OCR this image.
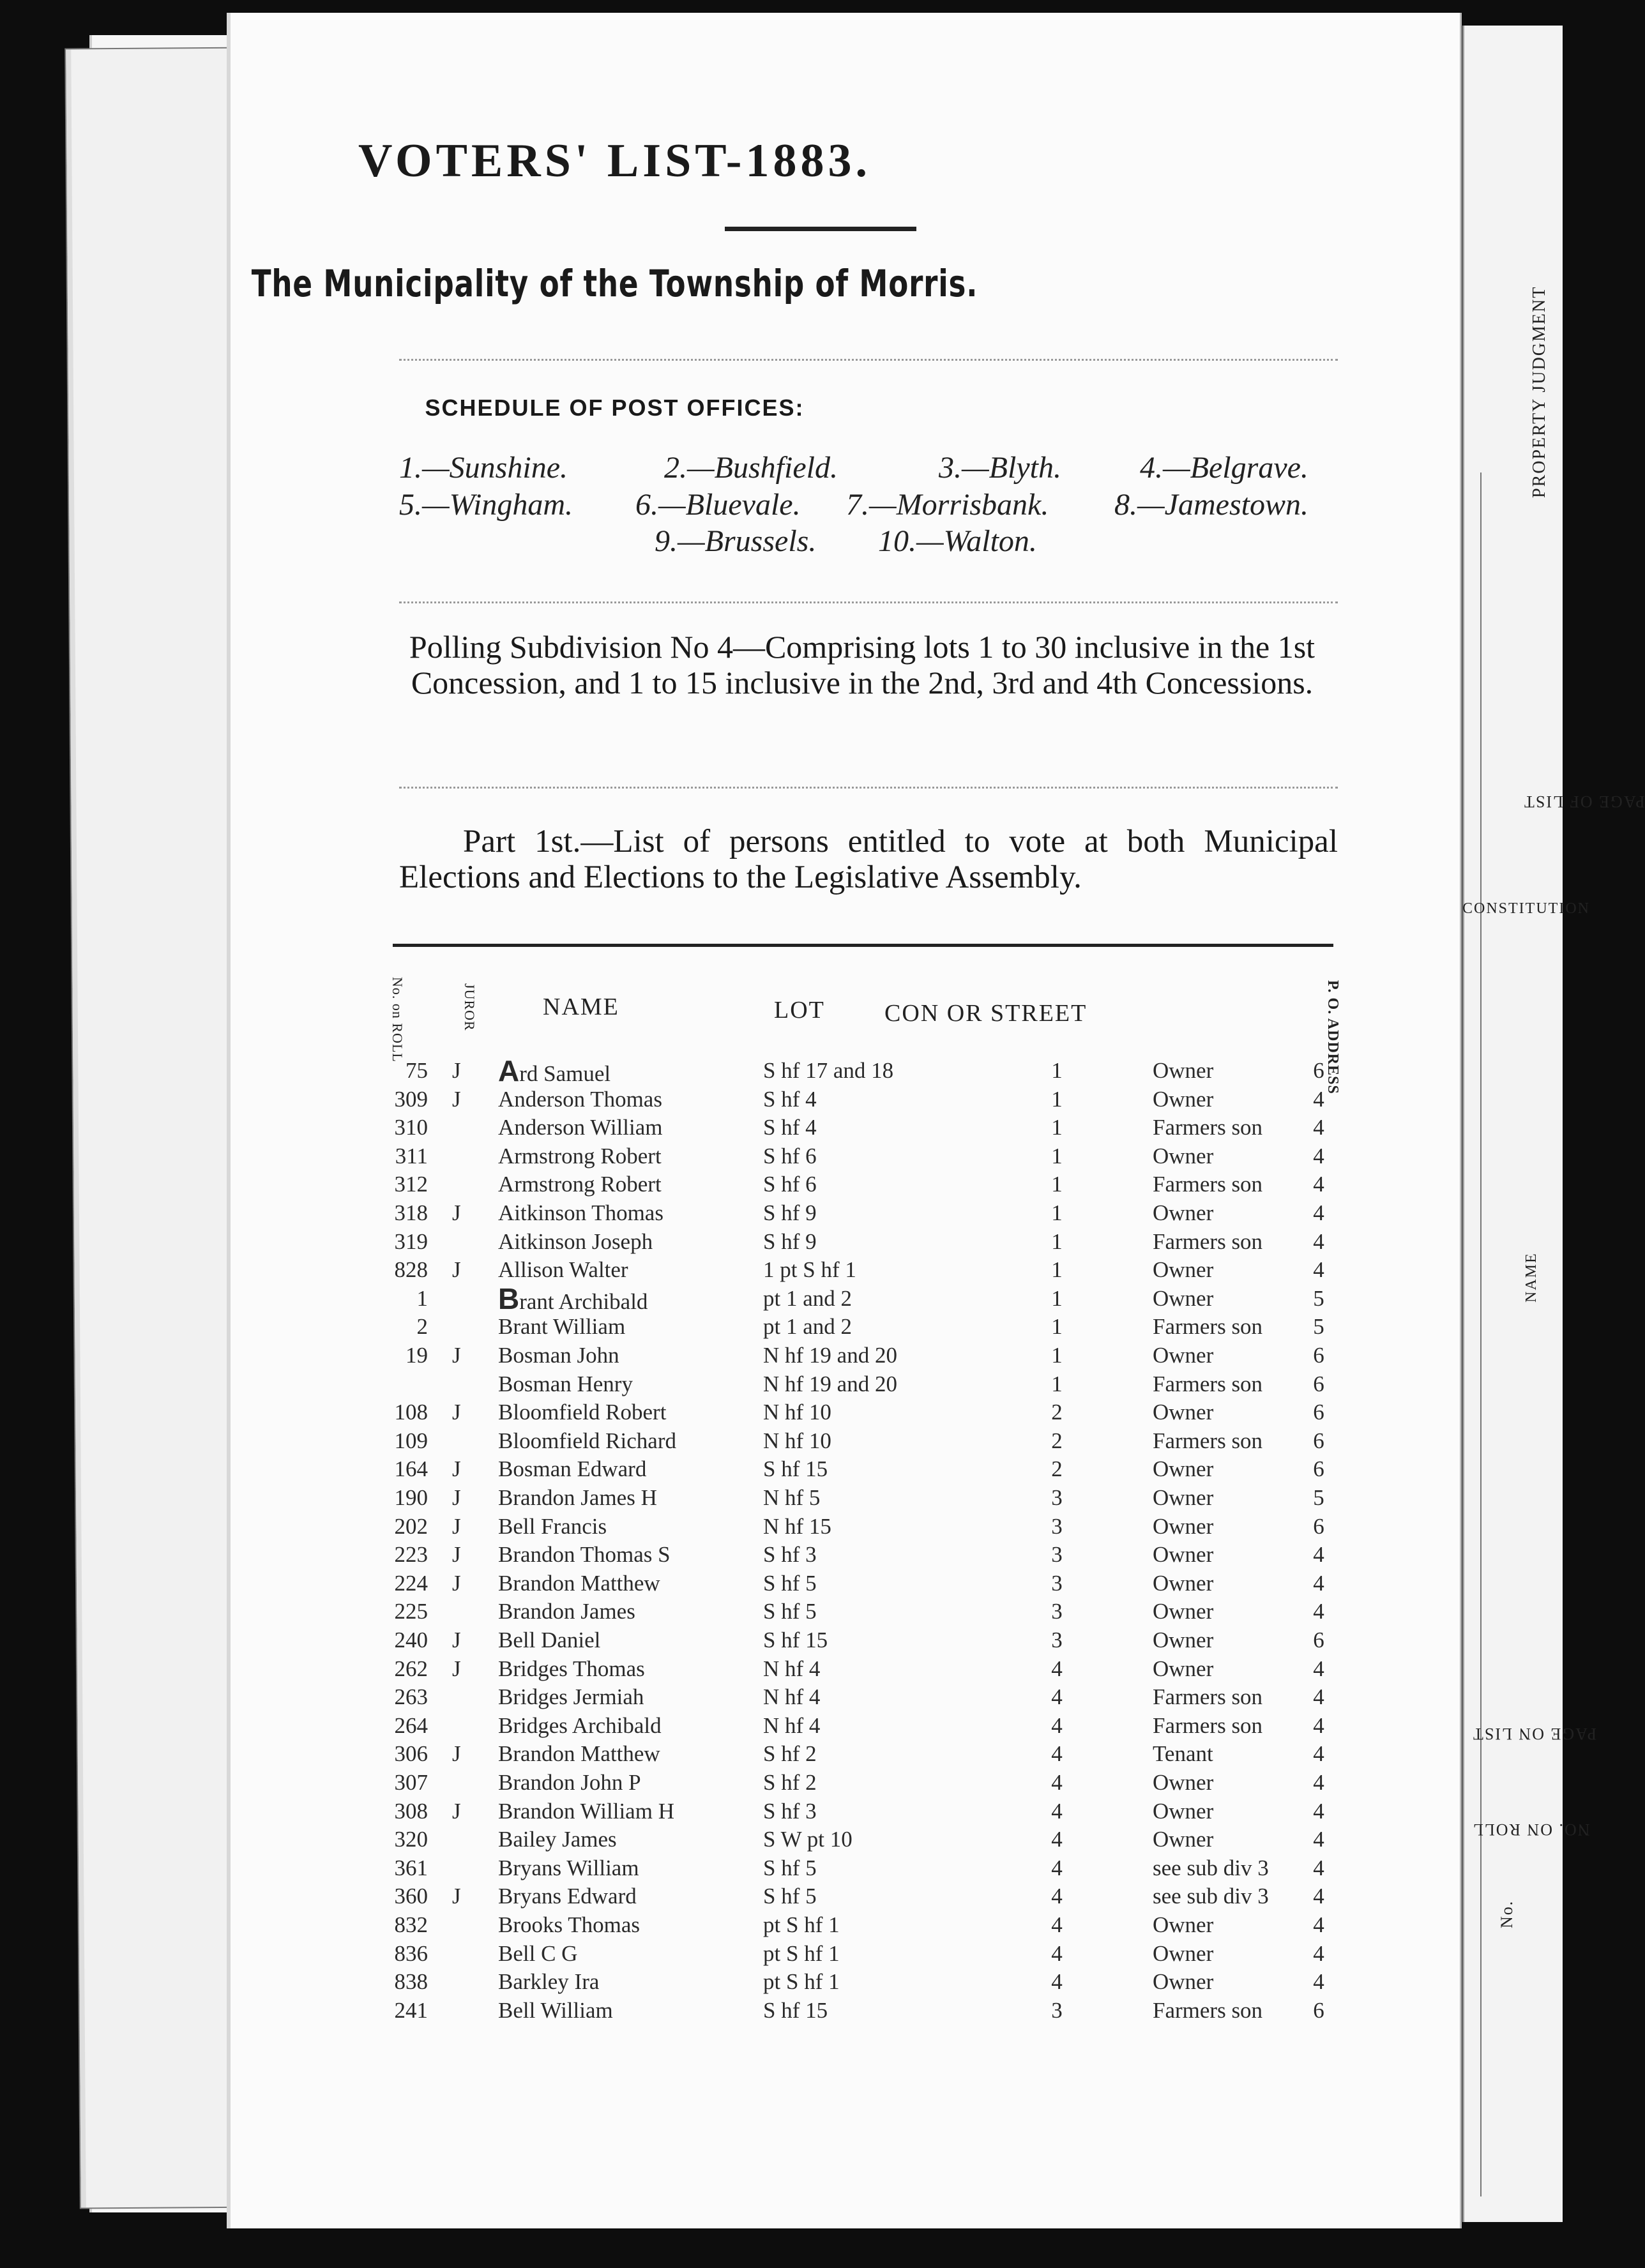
PROPERTY JUDGMENT
PAGE OF LIST
CONSTITUTION
NAME
PAGE ON LIST
NO. ON ROLL
No.
VOTERS' LIST-1883.
The Municipality of the Township of Morris.
SCHEDULE OF POST OFFICES:
1.—Sunshine.	2.—Bushfield.	3.—Blyth.	4.—Belgrave.
5.—Wingham. 6.—Bluevale. 7.—Morrisbank. 8.—Jamestown.
9.—Brussels. 10.—Walton.
Polling Subdivision No 4—Comprising lots 1 to 30 inclusive in the 1st Concession, and 1 to 15 inclusive in the 2nd, 3rd and 4th Concessions.
Part 1st.—List of persons entitled to vote at both Municipal Elections and Elections to the Legislative Assembly.
No. on ROLL	JUROR	NAME	LOT CON OR STREET	P. O. ADDRESS
75 J Ard Samuel	S hf 17 and 18	1	Owner	6
309 J Anderson Thomas	S hf 4	1	Owner	4
310	Anderson William	S hf 4	1	Farmers son 4
311	Armstrong Robert	S hf 6	1	Owner	4
312	Armstrong Robert	S hf 6	1	Farmers son 4
318 J Aitkinson Thomas	S hf 9	1	Owner	4
319	Aitkinson Joseph	S hf 9	1	Farmers son 4
828 J Allison Walter	1 pt S hf 1	1	Owner	4
1 Brant Archibald	pt 1 and 2	1	Owner	5
2	Brant William	pt 1 and 2	1	Farmers son 5
19 J Bosman John	N hf 19 and 20	1	Owner	6
Bosman Henry	N hf 19 and 20	1	Farmers son 6
108 J Bloomfield Robert	N hf 10	2	Owner	6
109	Bloomfield Richard	N hf 10	2	Farmers son 6
164 J Bosman Edward	S hf 15	2	Owner	6
190 J Brandon James H	N hf 5	3	Owner	5
202 J Bell Francis	N hf 15	3	Owner	6
223 J Brandon Thomas S	S hf 3	3	Owner	4
224 J Brandon Matthew	S hf 5	3	Owner	4
225	Brandon James	S hf 5	3	Owner	4
240 J Bell Daniel	S hf 15	3	Owner	6
262 J Bridges Thomas	N hf 4	4	Owner	4
263	Bridges Jermiah	N hf 4	4	Farmers son 4
264	Bridges Archibald	N hf 4	4	Farmers son 4
306 J Brandon Matthew	S hf 2	4	Tenant	4
307	Brandon John P	S hf 2	4	Owner	4
308 J Brandon William H	S hf 3	4	Owner	4
320	Bailey James	S W pt 10	4	Owner	4
361	Bryans William	S hf 5	4	see sub div 3 4
360 J Bryans Edward	S hf 5	4	see sub div 3 4
832	Brooks Thomas	pt S hf 1	4	Owner	4
836	Bell C G	pt S hf 1	4	Owner	4
838	Barkley Ira	pt S hf 1	4	Owner	4
241	Bell William	S hf 15	3	Farmers son 6
